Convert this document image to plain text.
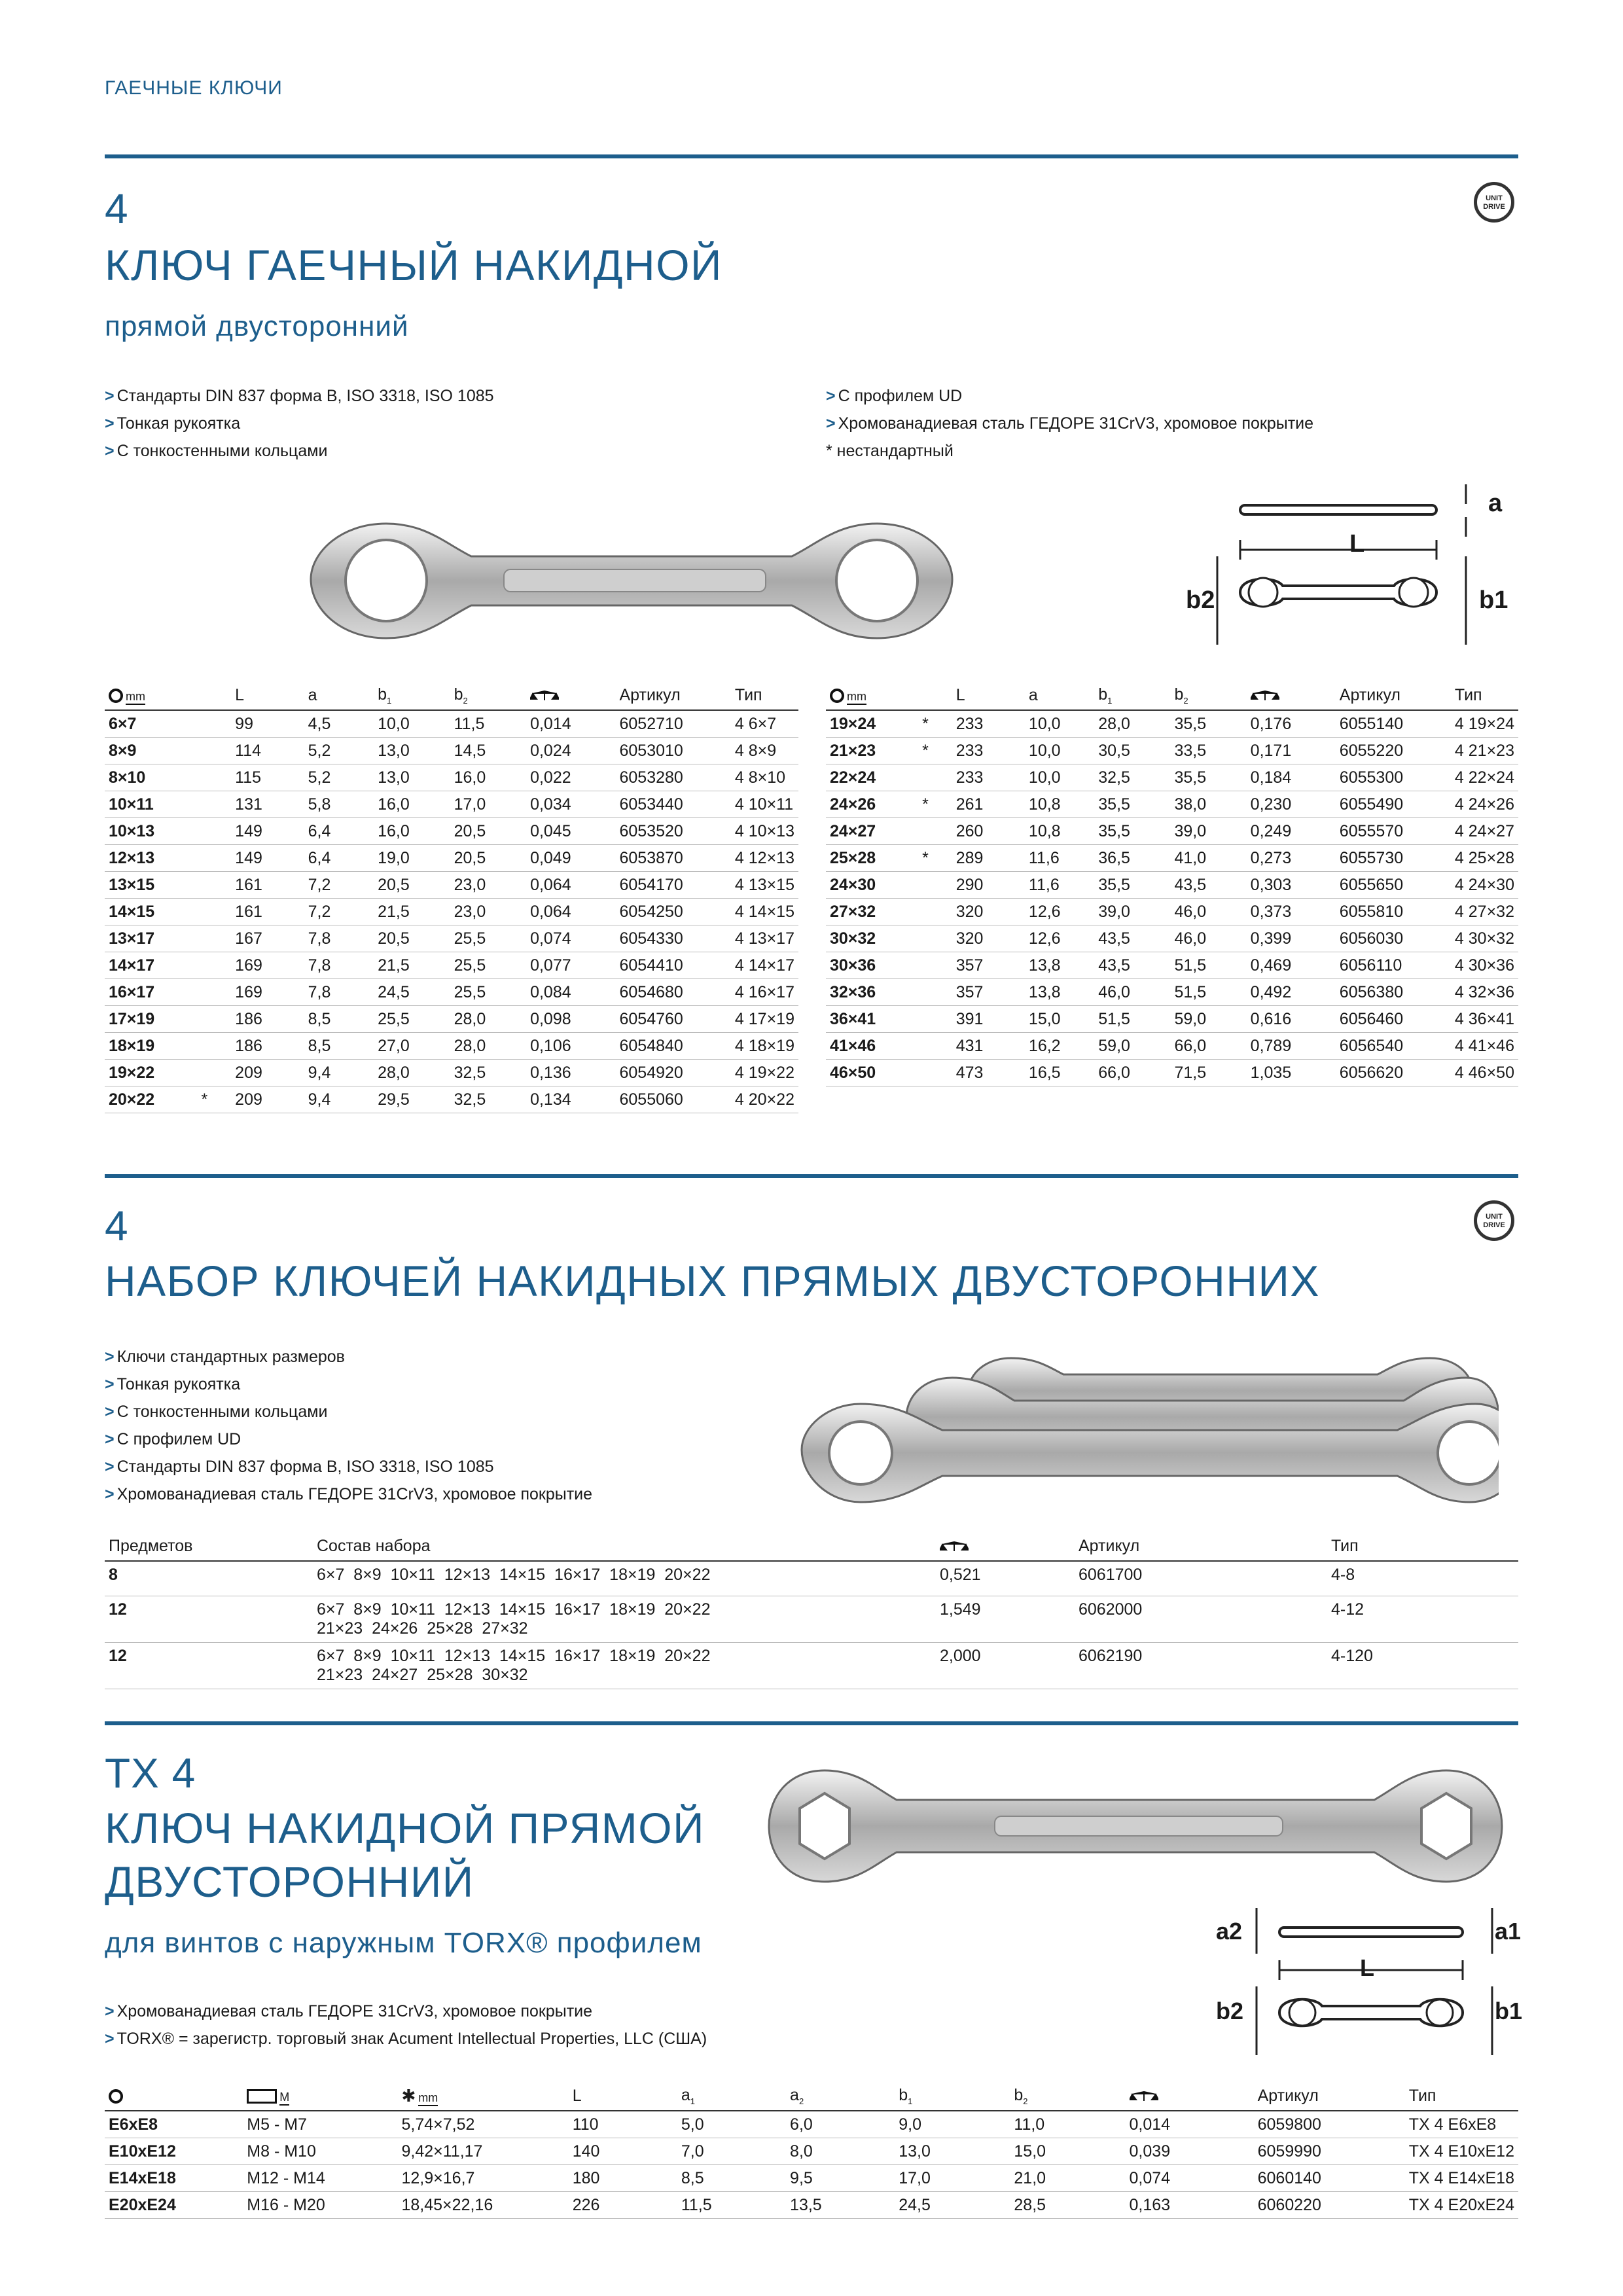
ГАЕЧНЫЕ КЛЮЧИ
4
КЛЮЧ ГАЕЧНЫЙ НАКИДНОЙ
прямой двусторонний
UNIT
DRIVE
> Стандарты DIN 837 форма B, ISO 3318, ISO 1085
> Тонкая рукоятка
> С тонкостенными кольцами
> С профилем UD
> Хромованадиевая сталь ГЕДОРЕ 31CrV3, хромовое покрытие
* нестандартный
a
L
b2	b1
mm		L	a	$b_1$	$b_2$		Артикул	Тип
6×7		99	4,5	10,0	11,5	0,014	6052710	4 6×7
8×9		114	5,2	13,0	14,5	0,024	6053010	4 8×9
8×10		115	5,2	13,0	16,0	0,022	6053280	4 8×10
10×11		131	5,8	16,0	17,0	0,034	6053440	4 10×11
10×13		149	6,4	16,0	20,5	0,045	6053520	4 10×13
12×13		149	6,4	19,0	20,5	0,049	6053870	4 12×13
13×15		161	7,2	20,5	23,0	0,064	6054170	4 13×15
14×15		161	7,2	21,5	23,0	0,064	6054250	4 14×15
13×17		167	7,8	20,5	25,5	0,074	6054330	4 13×17
14×17		169	7,8	21,5	25,5	0,077	6054410	4 14×17
16×17		169	7,8	24,5	25,5	0,084	6054680	4 16×17
17×19		186	8,5	25,5	28,0	0,098	6054760	4 17×19
18×19		186	8,5	27,0	28,0	0,106	6054840	4 18×19
19×22		209	9,4	28,0	32,5	0,136	6054920	4 19×22
20×22	*	209	9,4	29,5	32,5	0,134	6055060	4 20×22
mm		L	a	$b_1$	$b_2$		Артикул	Тип
19×24	*	233	10,0	28,0	35,5	0,176	6055140	4 19×24
21×23	*	233	10,0	30,5	33,5	0,171	6055220	4 21×23
22×24		233	10,0	32,5	35,5	0,184	6055300	4 22×24
24×26	*	261	10,8	35,5	38,0	0,230	6055490	4 24×26
24×27		260	10,8	35,5	39,0	0,249	6055570	4 24×27
25×28	*	289	11,6	36,5	41,0	0,273	6055730	4 25×28
24×30		290	11,6	35,5	43,5	0,303	6055650	4 24×30
27×32		320	12,6	39,0	46,0	0,373	6055810	4 27×32
30×32		320	12,6	43,5	46,0	0,399	6056030	4 30×32
30×36		357	13,8	43,5	51,5	0,469	6056110	4 30×36
32×36		357	13,8	46,0	51,5	0,492	6056380	4 32×36
36×41		391	15,0	51,5	59,0	0,616	6056460	4 36×41
41×46		431	16,2	59,0	66,0	0,789	6056540	4 41×46
46×50		473	16,5	66,0	71,5	1,035	6056620	4 46×50
4
НАБОР КЛЮЧЕЙ НАКИДНЫХ ПРЯМЫХ ДВУСТОРОННИХ
UNIT
DRIVE
> Ключи стандартных размеров
> Тонкая рукоятка
> С тонкостенными кольцами
> С профилем UD
> Стандарты DIN 837 форма B, ISO 3318, ISO 1085
> Хромованадиевая сталь ГЕДОРЕ 31CrV3, хромовое покрытие
Предметов	Состав набора		Артикул	Тип
8	6×7  8×9  10×11  12×13  14×15  16×17  18×19  20×22	0,521	6061700	4-8
12	6×7  8×9  10×11  12×13  14×15  16×17  18×19  20×22
21×23  24×26  25×28  27×32	1,549	6062000	4-12
12	6×7  8×9  10×11  12×13  14×15  16×17  18×19  20×22
21×23  24×27  25×28  30×32	2,000	6062190	4-120
TX 4
КЛЮЧ НАКИДНОЙ ПРЯМОЙ
ДВУСТОРОННИЙ
для винтов с наружным TORX® профилем
> Хромованадиевая сталь ГЕДОРЕ 31CrV3, хромовое покрытие
> TORX® = зарегистр. торговый знак Acument Intellectual Properties, LLC (США)
a2	a1
L
b2	b1
	M	✱ mm	L	$a_1$	$a_2$	$b_1$	$b_2$		Артикул	Тип
E6xE8	M5 - M7	5,74×7,52	110	5,0	6,0	9,0	11,0	0,014	6059800	TX 4 E6xE8
E10xE12	M8 - M10	9,42×11,17	140	7,0	8,0	13,0	15,0	0,039	6059990	TX 4 E10xE12
E14xE18	M12 - M14	12,9×16,7	180	8,5	9,5	17,0	21,0	0,074	6060140	TX 4 E14xE18
E20xE24	M16 - M20	18,45×22,16	226	11,5	13,5	24,5	28,5	0,163	6060220	TX 4 E20xE24
